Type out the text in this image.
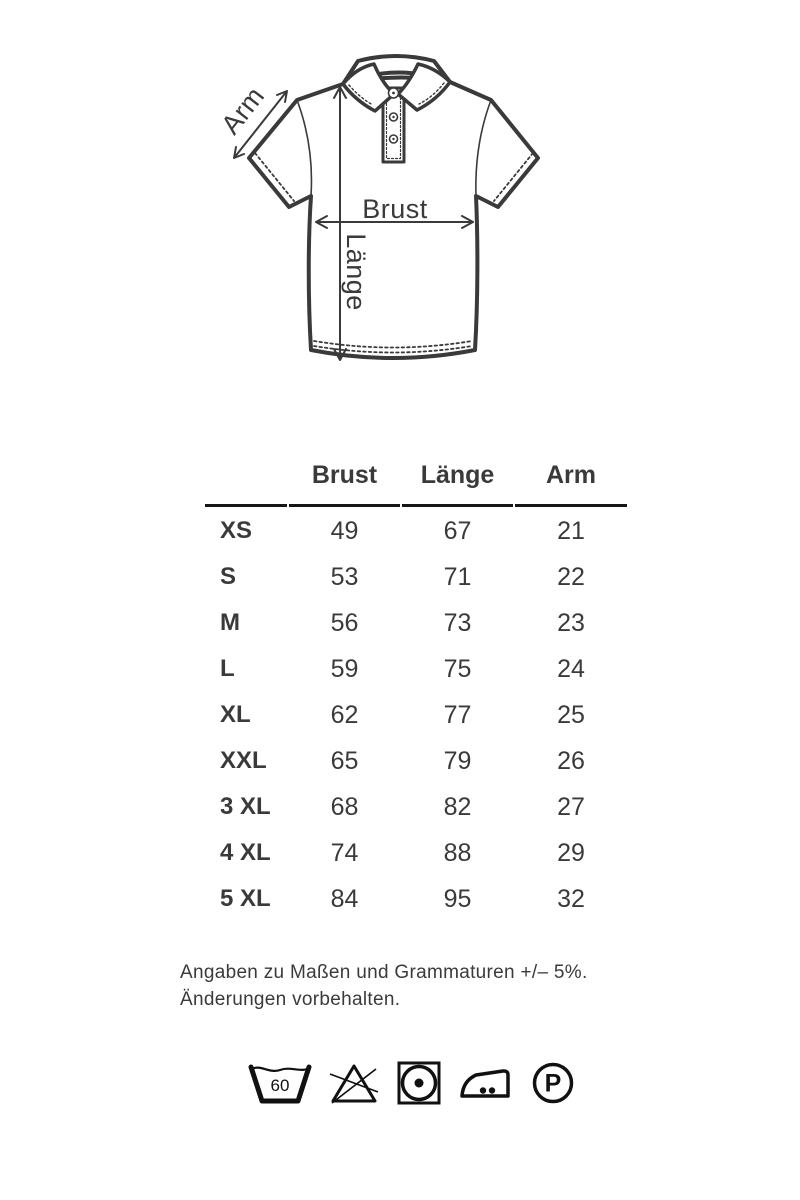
Brust
Länge
Arm
	Brust	Länge	Arm
XS	49	67	21
S	53	71	22
M	56	73	23
L	59	75	24
XL	62	77	25
XXL	65	79	26
3 XL	68	82	27
4 XL	74	88	29
5 XL	84	95	32
Angaben zu Maßen und Grammaturen +/– 5%.
Änderungen vorbehalten.
60	P
